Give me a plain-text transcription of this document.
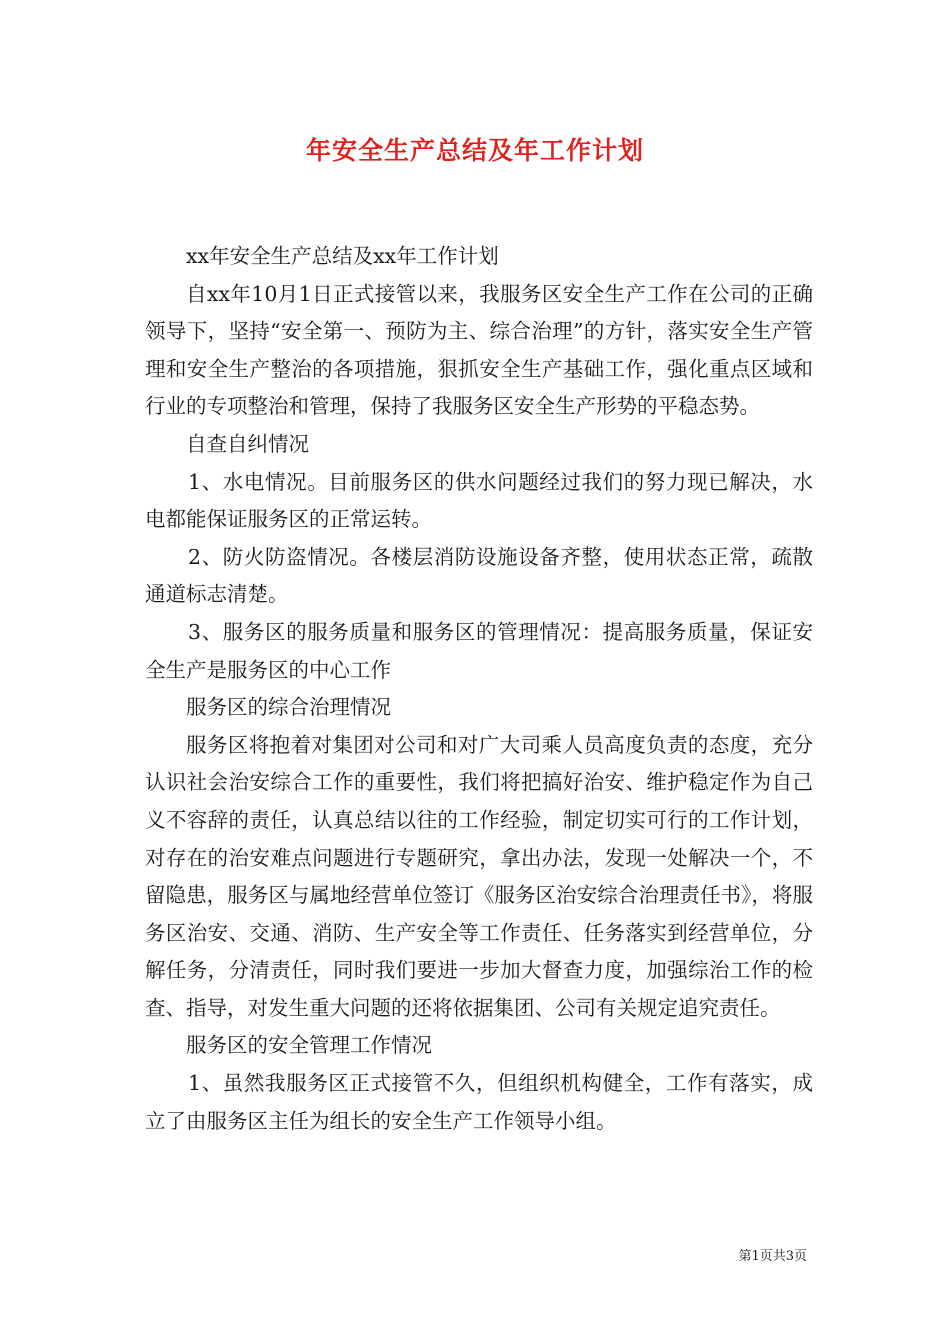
年安全生产总结及年工作计划

xx年安全生产总结及xx年工作计划

自xx年10月1日正式接管以来，我服务区安全生产工作在公司的正确领导下，坚持“安全第一、预防为主、综合治理”的方针，落实安全生产管理和安全生产整治的各项措施，狠抓安全生产基础工作，强化重点区域和行业的专项整治和管理，保持了我服务区安全生产形势的平稳态势。

自查自纠情况

1、水电情况。目前服务区的供水问题经过我们的努力现已解决，水电都能保证服务区的正常运转。

2、防火防盗情况。各楼层消防设施设备齐整，使用状态正常，疏散通道标志清楚。

3、服务区的服务质量和服务区的管理情况：提高服务质量，保证安全生产是服务区的中心工作

服务区的综合治理情况

服务区将抱着对集团对公司和对广大司乘人员高度负责的态度，充分认识社会治安综合工作的重要性，我们将把搞好治安、维护稳定作为自己义不容辞的责任，认真总结以往的工作经验，制定切实可行的工作计划，对存在的治安难点问题进行专题研究，拿出办法，发现一处解决一个，不留隐患，服务区与属地经营单位签订《服务区治安综合治理责任书》，将服务区治安、交通、消防、生产安全等工作责任、任务落实到经营单位，分解任务，分清责任，同时我们要进一步加大督查力度，加强综治工作的检查、指导，对发生重大问题的还将依据集团、公司有关规定追究责任。

服务区的安全管理工作情况

1、虽然我服务区正式接管不久，但组织机构健全，工作有落实，成立了由服务区主任为组长的安全生产工作领导小组。

第1页共3页
